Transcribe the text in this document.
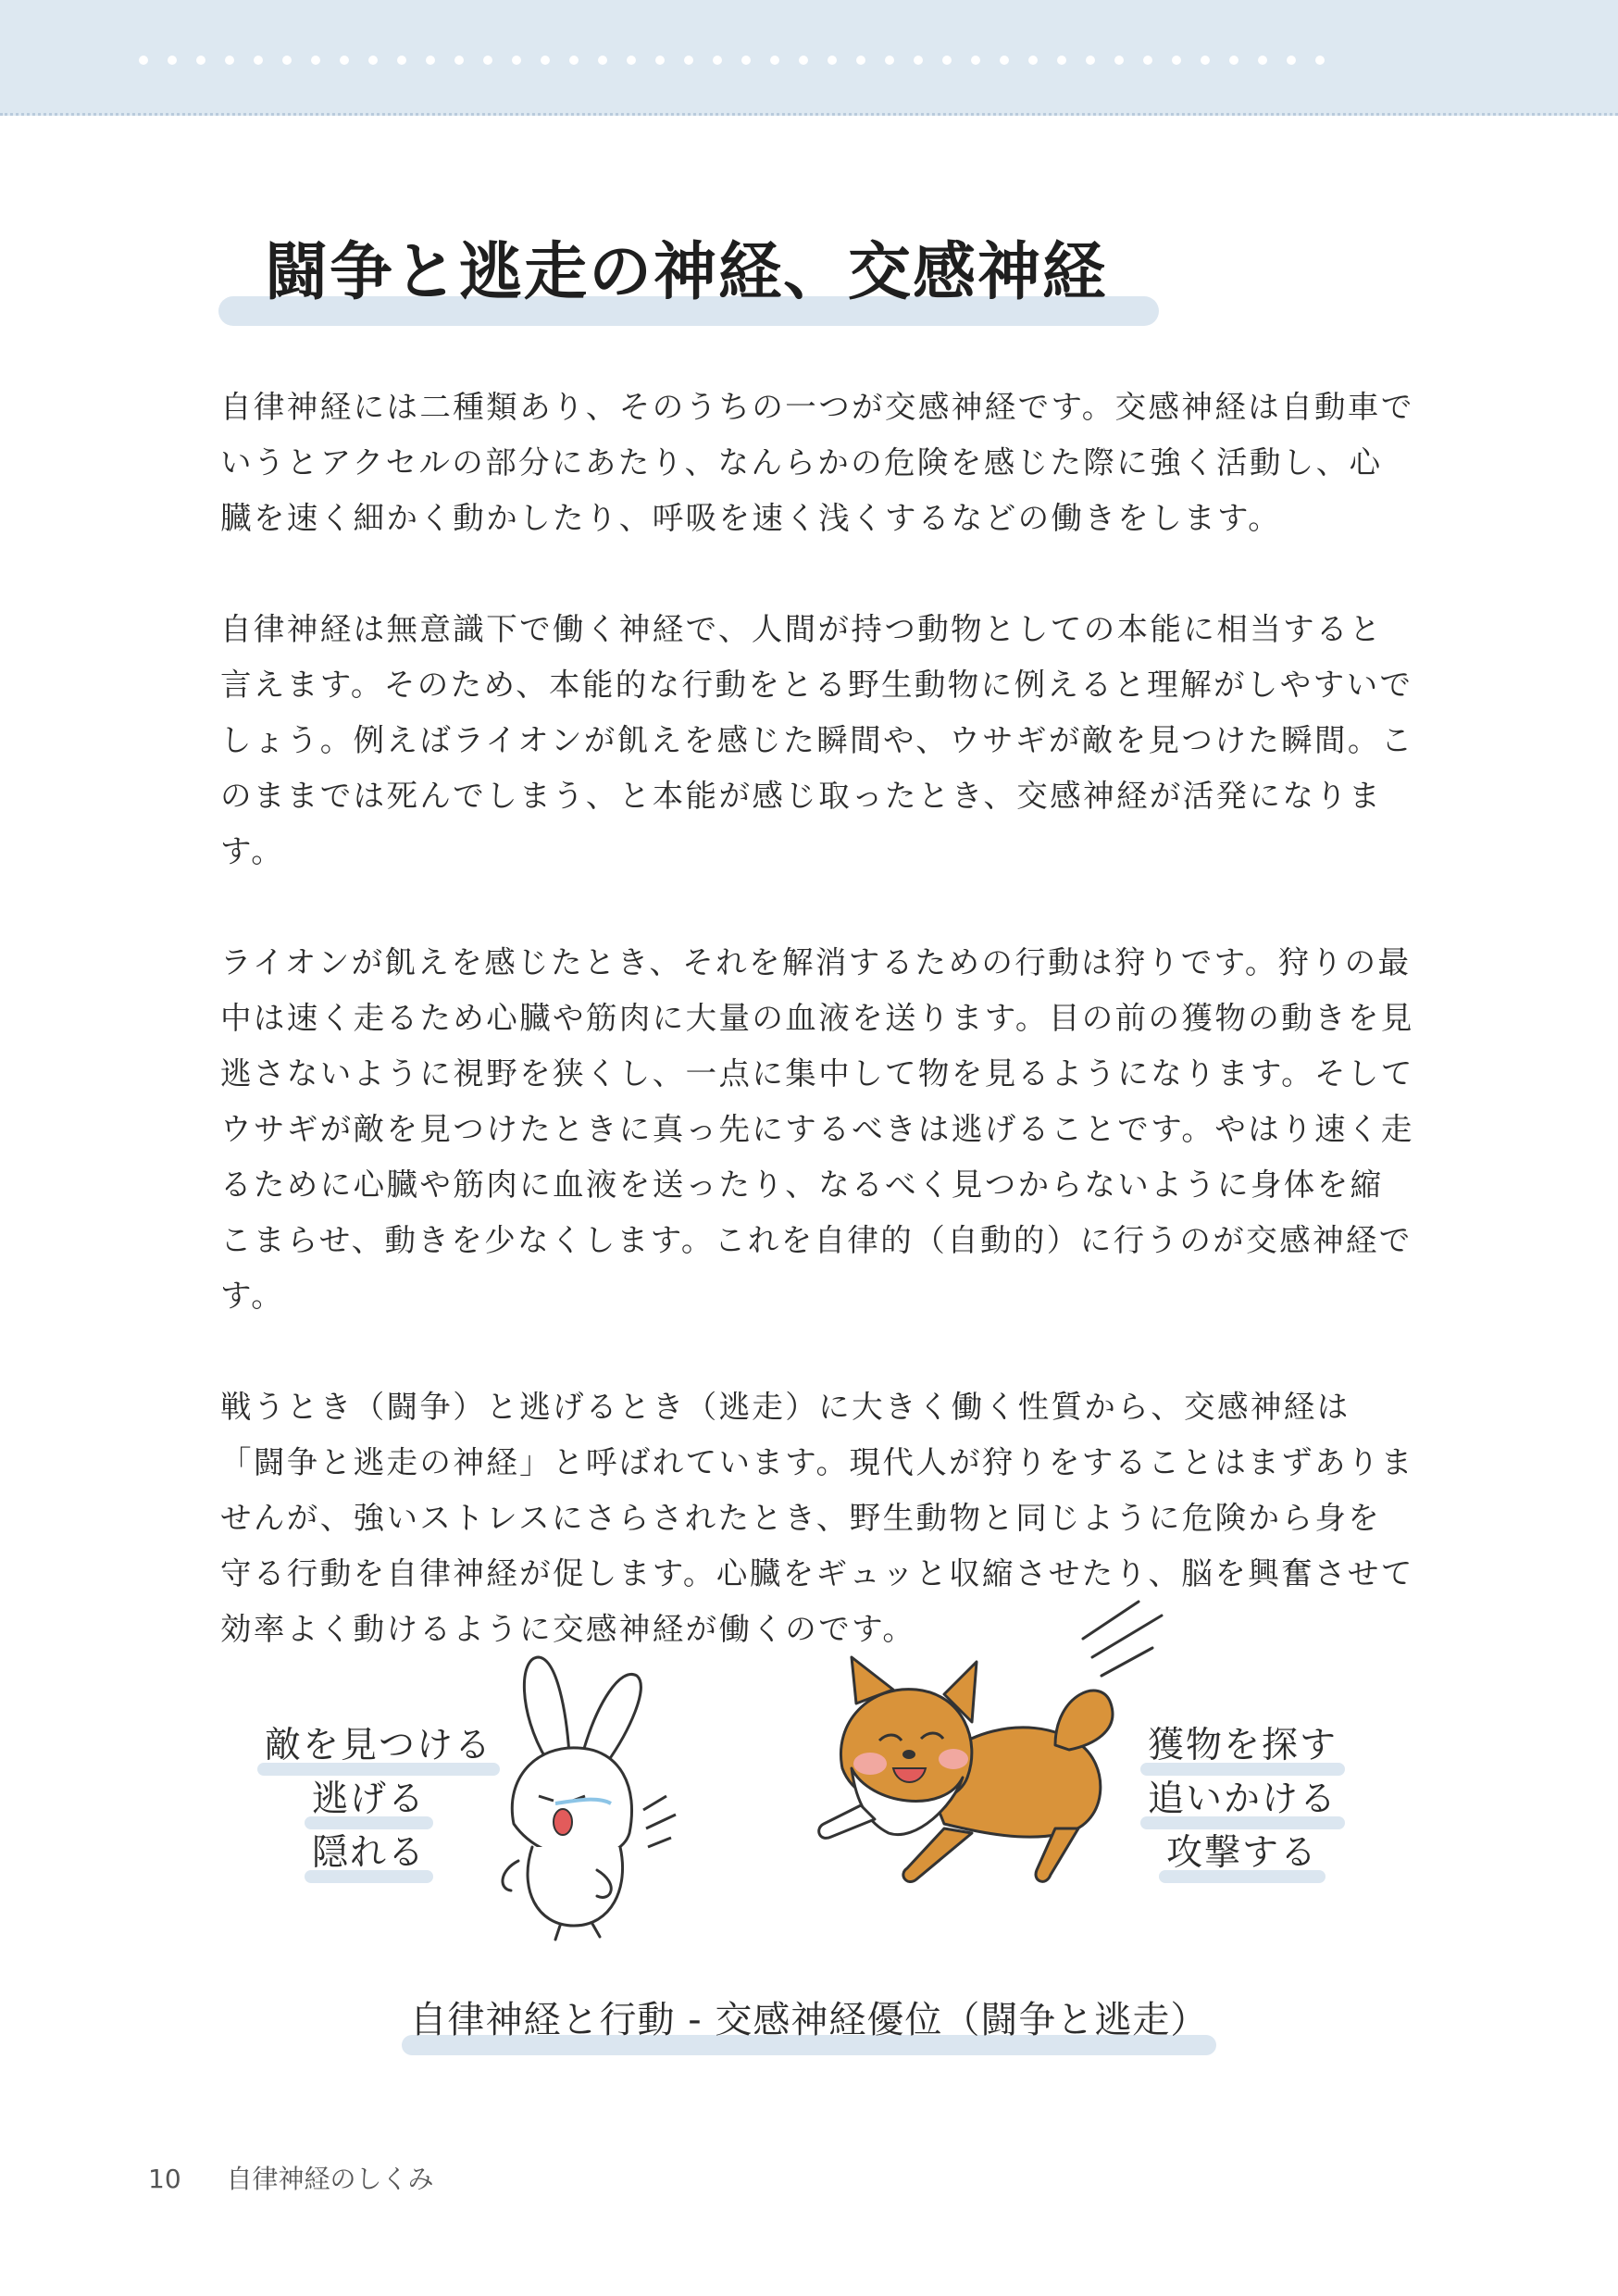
闘争と逃走の神経、交感神経

自律神経には二種類あり、そのうちの一つが交感神経です。交感神経は自動車でいうとアクセルの部分にあたり、なんらかの危険を感じた際に強く活動し、心臓を速く細かく動かしたり、呼吸を速く浅くするなどの働きをします。

自律神経は無意識下で働く神経で、人間が持つ動物としての本能に相当すると言えます。そのため、本能的な行動をとる野生動物に例えると理解がしやすいでしょう。例えばライオンが飢えを感じた瞬間や、ウサギが敵を見つけた瞬間。このままでは死んでしまう、と本能が感じ取ったとき、交感神経が活発になります。

ライオンが飢えを感じたとき、それを解消するための行動は狩りです。狩りの最中は速く走るため心臓や筋肉に大量の血液を送ります。目の前の獲物の動きを見逃さないように視野を狭くし、一点に集中して物を見るようになります。そしてウサギが敵を見つけたときに真っ先にするべきは逃げることです。やはり速く走るために心臓や筋肉に血液を送ったり、なるべく見つからないように身体を縮こまらせ、動きを少なくします。これを自律的（自動的）に行うのが交感神経です。

戦うとき（闘争）と逃げるとき（逃走）に大きく働く性質から、交感神経は「闘争と逃走の神経」と呼ばれています。現代人が狩りをすることはまずありませんが、強いストレスにさらされたとき、野生動物と同じように危険から身を守る行動を自律神経が促します。心臓をギュッと収縮させたり、脳を興奮させて効率よく動けるように交感神経が働くのです。

敵を見つける
逃げる
隠れる
獲物を探す
追いかける
攻撃する
自律神経と行動 - 交感神経優位（闘争と逃走）
10 自律神経のしくみ
